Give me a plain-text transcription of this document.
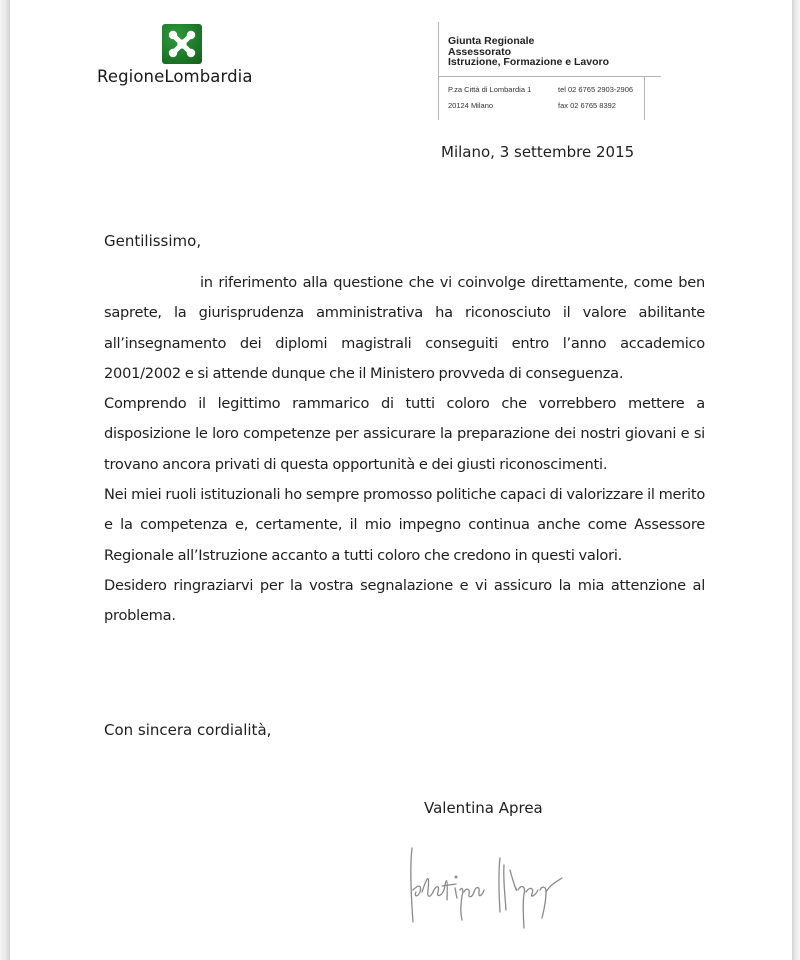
RegioneLombardia
Giunta Regionale
Assessorato
Istruzione, Formazione e Lavoro
P.za Città di Lombardia 1
20124 Milano
tel 02 6765 2903-2906
fax 02 6765 8392
Milano, 3 settembre 2015
Gentilissimo,

in riferimento alla questione che vi coinvolge direttamente, come ben saprete, la giurisprudenza amministrativa ha riconosciuto il valore abilitante all’insegnamento dei diplomi magistrali conseguiti entro l’anno accademico 2001/2002 e si attende dunque che il Ministero provveda di conseguenza.

Comprendo il legittimo rammarico di tutti coloro che vorrebbero mettere a disposizione le loro competenze per assicurare la preparazione dei nostri giovani e si trovano ancora privati di questa opportunità e dei giusti riconoscimenti.

Nei miei ruoli istituzionali ho sempre promosso politiche capaci di valorizzare il merito e la competenza e, certamente, il mio impegno continua anche come Assessore Regionale all’Istruzione accanto a tutti coloro che credono in questi valori.

Desidero ringraziarvi per la vostra segnalazione e vi assicuro la mia attenzione al problema.

Con sincera cordialità,
Valentina Aprea
